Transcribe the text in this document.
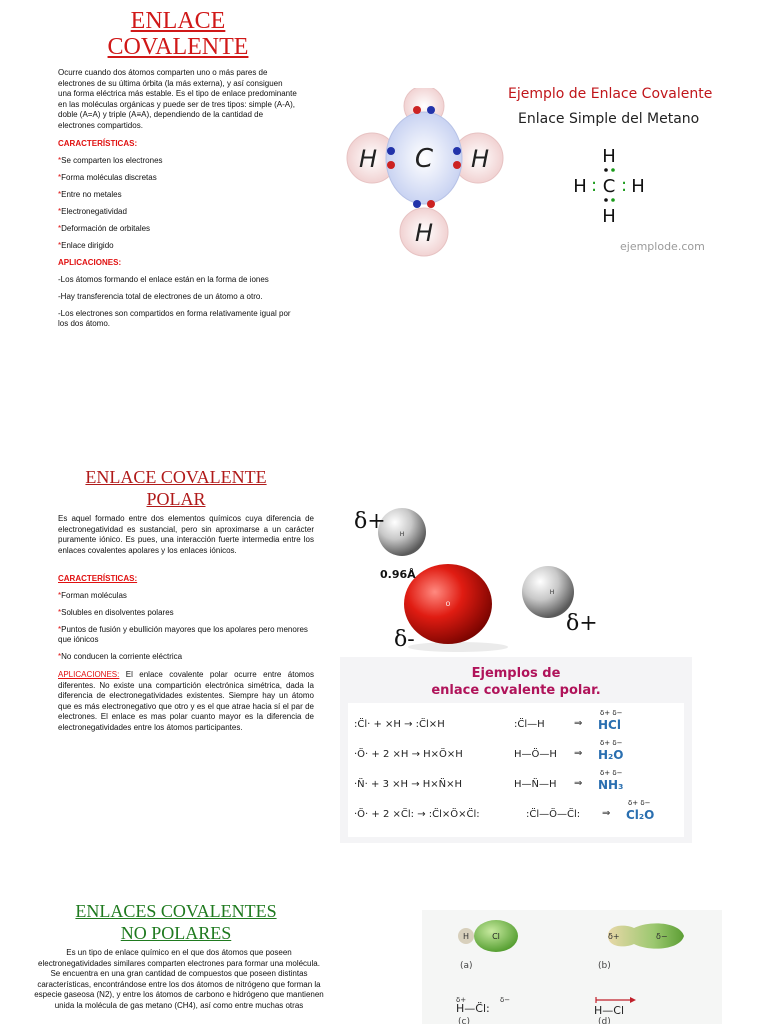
ENLACE
COVALENTE
Ocurre cuando dos átomos comparten uno o más pares de electrones de su última órbita (la más externa), y así consiguen una forma eléctrica más estable. Es el tipo de enlace predominante en las moléculas orgánicas y puede ser de tres tipos: simple (A-A), doble (A=A) y triple (A≡A), dependiendo de la cantidad de electrones compartidos.

CARACTERÍSTICAS:

*Se comparten los electrones

*Forma moléculas discretas

*Entre no metales

*Electronegatividad

*Deformación de orbitales

*Enlace dirigido

APLICACIONES:

-Los átomos formando el enlace están en la forma de iones

-Hay transferencia total de electrones de un átomo a otro.

-Los electrones son compartidos en forma relativamente igual por los dos átomo.

C
H	H
H
Ejemplo de Enlace Covalente
Enlace Simple del Metano
H
H : C : H
H
ejemplode.com
ENLACE COVALENTE
POLAR
Es aquel formado entre dos elementos químicos cuya diferencia de electronegatividad es sustancial, pero sin aproximarse a un carácter puramente iónico. Es pues, una interacción fuerte intermedia entre los enlaces covalentes apolares y los enlaces iónicos.

CARACTERÍSTICAS:

*Forman moléculas

*Solubles en disolventes polares

*Puntos de fusión y ebullición mayores que los apolares pero menores que iónicos

*No conducen la corriente eléctrica

APLICACIONES: El enlace covalente polar ocurre entre átomos diferentes. No existe una compartición electrónica simétrica, dada la diferencia de electronegatividades existentes. Siempre hay un átomo que es más electronegativo que otro y es el que atrae hacia sí el par de electrones. El enlace es mas polar cuanto mayor es la diferencia de electronegatividades entre los átomos participantes.
H
H
O
δ+
0.96Å
δ+
δ-
Ejemplos de
enlace covalente polar.
:C̈l· + ×H → :C̈l×H	:C̈l—H	⇒
δ+ δ−
HCl
·Ö· + 2 ×H → H×Ö×H	H—Ö—H ⇒
δ+ δ−
H₂O
·N̈· + 3 ×H → H×N̈×H	H—N̈—H ⇒
δ+ δ−
NH₃
·Ö· + 2 ×C̈l: → :C̈l×Ö×C̈l:	:C̈l—Ö—C̈l: ⇒
δ+ δ−
Cl₂O
ENLACES COVALENTES
NO POLARES
Es un tipo de enlace químico en el que dos átomos que poseen electronegatividades similares comparten electrones para formar una molécula. Se encuentra en una gran cantidad de compuestos que poseen distintas características, encontrándose entre los dos átomos de nitrógeno que forman la especie gaseosa (N2), y entre los átomos de carbono e hidrógeno que mantienen unida la molécula de gas metano (CH4), así como entre muchas otras
H	Cl
(a)
δ+	δ−
(b)
δ+	δ−
H—C̈l:
(c)
H—Cl
(d)
